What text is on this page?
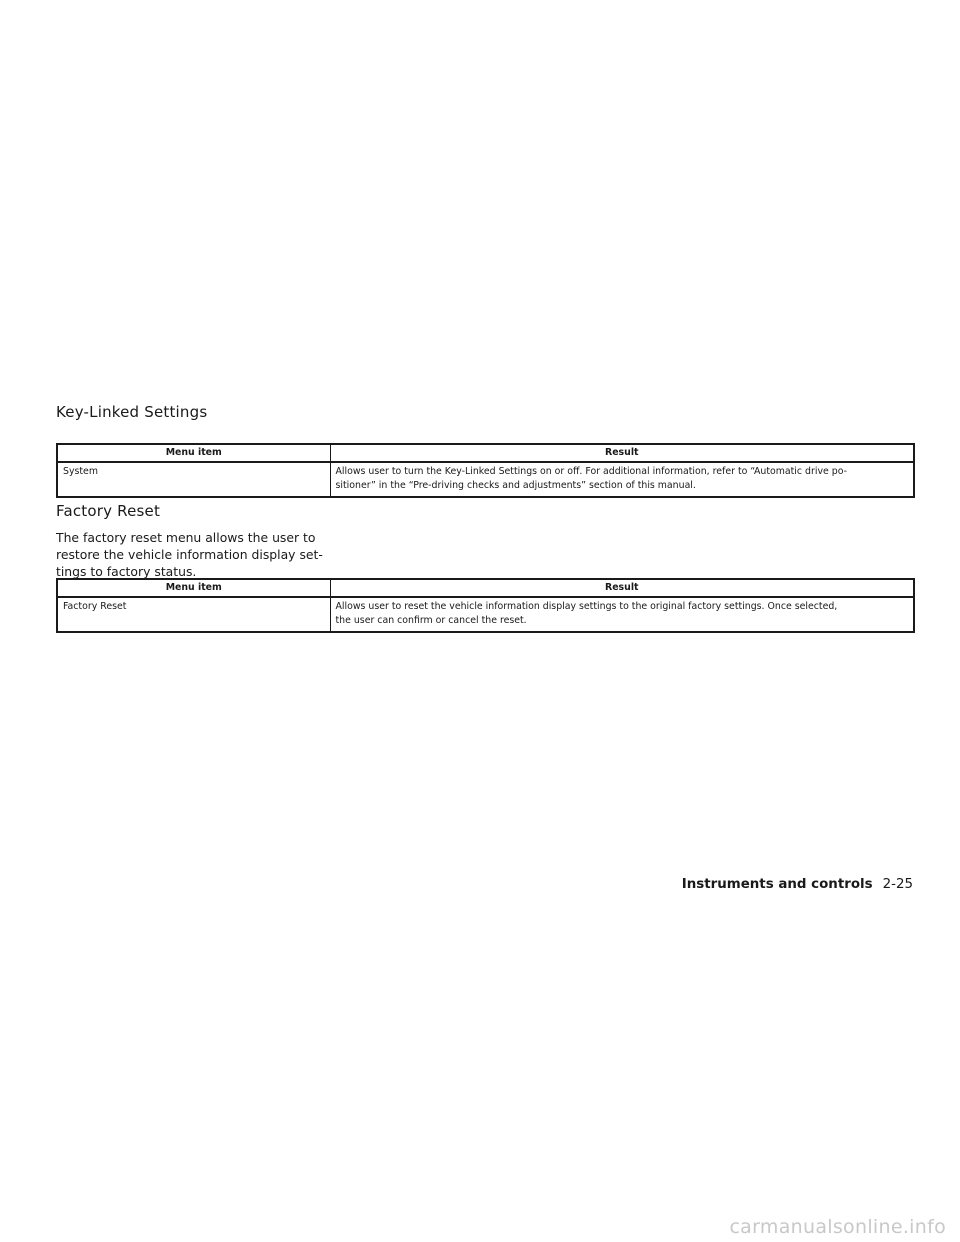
Key-Linked Settings
Menu item	Result
System	Allows user to turn the Key-Linked Settings on or off. For additional information, refer to “Automatic drive po-
sitioner” in the “Pre-driving checks and adjustments” section of this manual.
Factory Reset

The factory reset menu allows the user to
restore the vehicle information display set-
tings to factory status.

Menu item	Result
Factory Reset	Allows user to reset the vehicle information display settings to the original factory settings. Once selected,
the user can confirm or cancel the reset.
Instruments and controls 2-25
carmanualsonline.info
